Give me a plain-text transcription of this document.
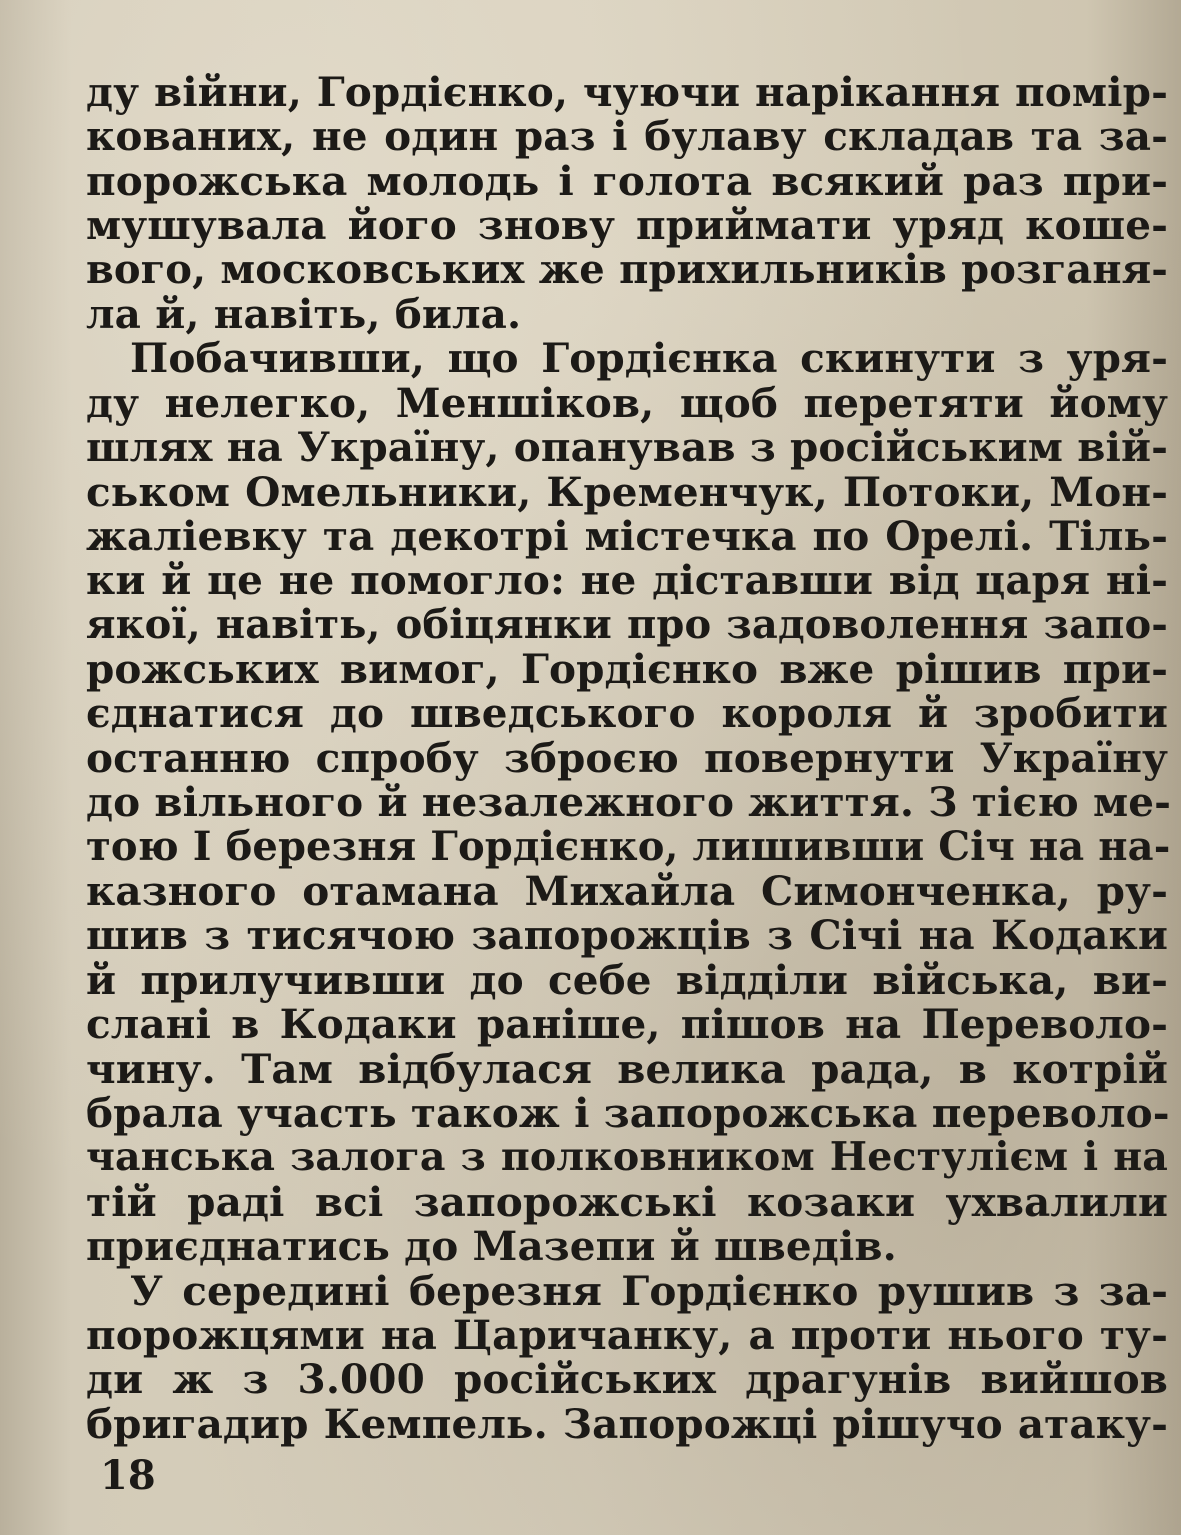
ду війни, Гордієнко, чуючи нарікання помір-
кованих, не один раз і булаву складав та за-
порожська молодь і голота всякий раз при-
мушувала його знову приймати уряд коше-
вого, московських же прихильників розганя-
ла й, навіть, била.
Побачивши, що Гордієнка скинути з уря-
ду нелегко, Меншіков, щоб перетяти йому
шлях на Україну, опанував з російським вій-
ськом Омельники, Кременчук, Потоки, Мон-
жаліевку та декотрі містечка по Орелі. Тіль-
ки й це не помогло: не діставши від царя ні-
якої, навіть, обіцянки про задоволення запо-
рожських вимог, Гордієнко вже рішив при-
єднатися до шведського короля й зробити
останню спробу зброєю повернути Україну
до вільного й незалежного життя. З тією ме-
тою І березня Гордієнко, лишивши Січ на на-
казного отамана Михайла Симонченка, ру-
шив з тисячою запорожців з Січі на Кодаки
й прилучивши до себе відділи війська, ви-
слані в Кодаки раніше, пішов на Переволо-
чину. Там відбулася велика рада, в котрій
брала участь також і запорожська переволо-
чанська залога з полковником Нестулієм і на
тій раді всі запорожські козаки ухвалили
приєднатись до Мазепи й шведів.
У середині березня Гордієнко рушив з за-
порожцями на Царичанку, а проти нього ту-
ди ж з 3.000 російських драгунів вийшов
бригадир Кемпель. Запорожці рішучо атаку-
18
